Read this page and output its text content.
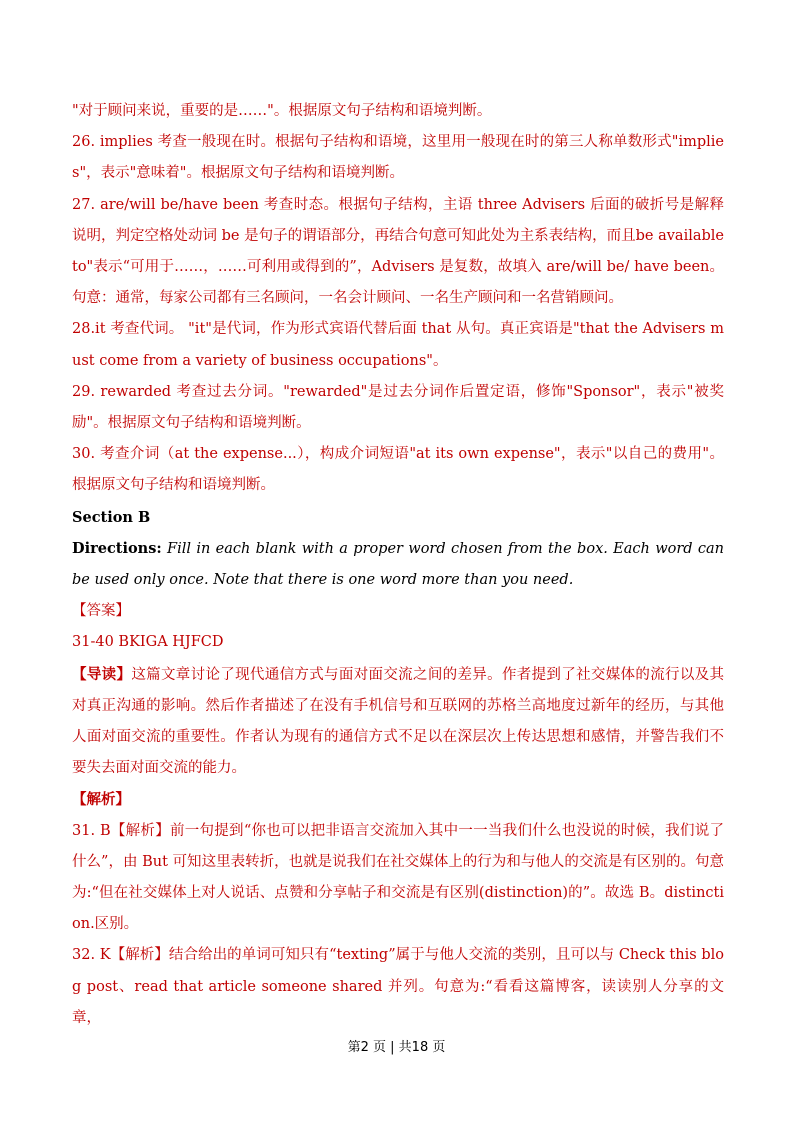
"对于顾问来说，重要的是……"。根据原文句子结构和语境判断。

26. implies 考查一般现在时。根据句子结构和语境，这里用一般现在时的第三人称单数形式"implies"，表示"意味着"。根据原文句子结构和语境判断。

27. are/will be/have been 考查时态。根据句子结构，主语 three Advisers 后面的破折号是解释说明，判定空格处动词 be 是句子的谓语部分，再结合句意可知此处为主系表结构，而且be available to"表示“可用于……，……可利用或得到的”，Advisers 是复数，故填入 are/will be/ have been。句意：通常，每家公司都有三名顾问，一名会计顾问、一名生产顾问和一名营销顾问。

28.it 考查代词。 "it"是代词，作为形式宾语代替后面 that 从句。真正宾语是"that the Advisers must come from a variety of business occupations"。

29. rewarded 考查过去分词。"rewarded"是过去分词作后置定语，修饰"Sponsor"，表示"被奖励"。根据原文句子结构和语境判断。

30. 考查介词（at the expense...），构成介词短语"at its own expense"，表示"以自己的费用"。根据原文句子结构和语境判断。

Section B

Directions: Fill in each blank with a proper word chosen from the box. Each word can be used only once. Note that there is one word more than you need.

【答案】

31-40 BKIGA HJFCD

【导读】这篇文章讨论了现代通信方式与面对面交流之间的差异。作者提到了社交媒体的流行以及其对真正沟通的影响。然后作者描述了在没有手机信号和互联网的苏格兰高地度过新年的经历，与其他人面对面交流的重要性。作者认为现有的通信方式不足以在深层次上传达思想和感情，并警告我们不要失去面对面交流的能力。

【解析】

31. B【解析】前一句提到“你也可以把非语言交流加入其中一一当我们什么也没说的时候，我们说了什么”，由 But 可知这里表转折，也就是说我们在社交媒体上的行为和与他人的交流是有区别的。句意为:“但在社交媒体上对人说话、点赞和分享帖子和交流是有区别(distinction)的”。故选 B。distinction.区别。

32. K【解析】结合给出的单词可知只有“texting”属于与他人交流的类别，且可以与 Check this blog post、read that article someone shared 并列。句意为:“看看这篇博客，读读别人分享的文章，

第2 页 | 共18 页
